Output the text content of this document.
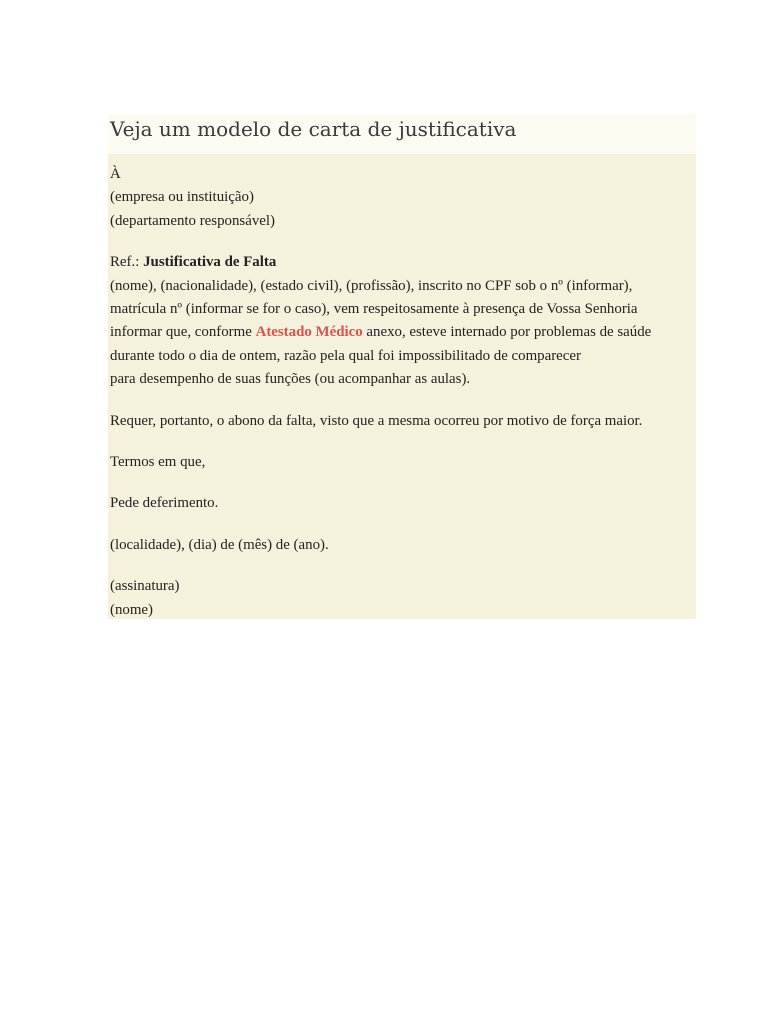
Veja um modelo de carta de justificativa
À
(empresa ou instituição)
(departamento responsável)
Ref.: Justificativa de Falta
(nome), (nacionalidade), (estado civil), (profissão), inscrito no CPF sob o nº (informar),
matrícula nº (informar se for o caso), vem respeitosamente à presença de Vossa Senhoria
informar que, conforme Atestado Médico anexo, esteve internado por problemas de saúde
durante todo o dia de ontem, razão pela qual foi impossibilitado de comparecer
para desempenho de suas funções (ou acompanhar as aulas).
Requer, portanto, o abono da falta, visto que a mesma ocorreu por motivo de força maior.
Termos em que,
Pede deferimento.
(localidade), (dia) de (mês) de (ano).
(assinatura)
(nome)
